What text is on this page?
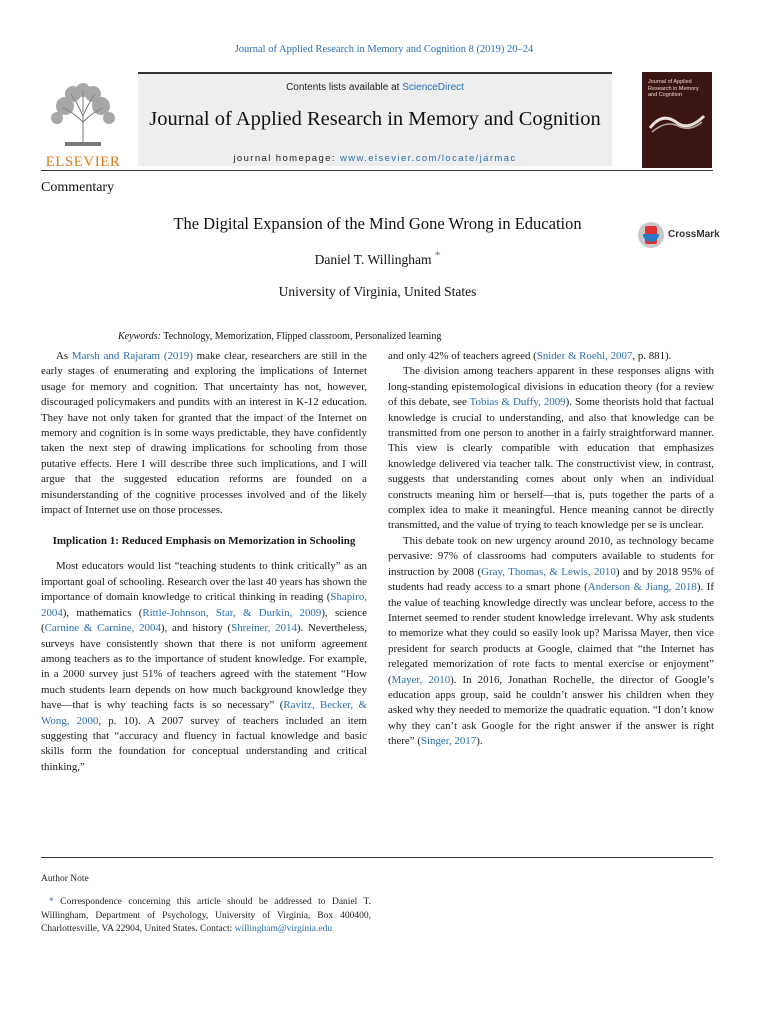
Journal of Applied Research in Memory and Cognition 8 (2019) 20–24
ELSEVIER
Contents lists available at ScienceDirect
Journal of Applied Research in Memory and Cognition
journal homepage: www.elsevier.com/locate/jarmac
Journal of Applied Research in Memory and Cognition
Commentary
The Digital Expansion of the Mind Gone Wrong in Education
CrossMark
Daniel T. Willingham *
University of Virginia, United States
Keywords: Technology, Memorization, Flipped classroom, Personalized learning

As Marsh and Rajaram (2019) make clear, researchers are still in the early stages of enumerating and exploring the implications of Internet usage for memory and cognition. That uncertainty has not, however, discouraged policymakers and pundits with an interest in K-12 education. They have not only taken for granted that the impact of the Internet on memory and cognition is in some ways predictable, they have confidently taken the next step of drawing implications for schooling from those putative effects. Here I will describe three such implications, and I will argue that the suggested education reforms are founded on a misunderstanding of the cognitive processes involved and of the likely impact of Internet use on those processes.

Implication 1: Reduced Emphasis on Memorization in Schooling

Most educators would list “teaching students to think critically” as an important goal of schooling. Research over the last 40 years has shown the importance of domain knowledge to critical thinking in reading (Shapiro, 2004), mathematics (Rittle-Johnson, Star, & Durkin, 2009), science (Carnine & Carnine, 2004), and history (Shreiner, 2014). Nevertheless, surveys have consistently shown that there is not uniform agreement among teachers as to the importance of student knowledge. For example, in a 2000 survey just 51% of teachers agreed with the statement “How much students learn depends on how much background knowledge they have—that is why teaching facts is so necessary” (Ravitz, Becker, & Wong, 2000, p. 10). A 2007 survey of teachers included an item suggesting that “accuracy and fluency in factual knowledge and basic skills form the foundation for conceptual understanding and critical thinking,”

and only 42% of teachers agreed (Snider & Roehl, 2007, p. 881).

The division among teachers apparent in these responses aligns with long-standing epistemological divisions in education theory (for a review of this debate, see Tobias & Duffy, 2009). Some theorists hold that factual knowledge is crucial to understanding, and also that knowledge can be transmitted from one person to another in a fairly straightforward manner. This view is clearly compatible with education that emphasizes knowledge delivered via teacher talk. The constructivist view, in contrast, suggests that understanding comes about only when an individual constructs meaning him or herself—that is, puts together the parts of a complex idea to make it meaningful. Hence meaning cannot be directly transmitted, and the value of trying to teach knowledge per se is unclear.

This debate took on new urgency around 2010, as technology became pervasive: 97% of classrooms had computers available to students for instruction by 2008 (Gray, Thomas, & Lewis, 2010) and by 2018 95% of students had ready access to a smart phone (Anderson & Jiang, 2018). If the value of teaching knowledge directly was unclear before, access to the Internet seemed to render student knowledge irrelevant. Why ask students to memorize what they could so easily look up? Marissa Mayer, then vice president for search products at Google, claimed that “the Internet has relegated memorization of rote facts to mental exercise or enjoyment” (Mayer, 2010). In 2016, Jonathan Rochelle, the director of Google’s education apps group, said he couldn’t answer his children when they asked why they needed to memorize the quadratic equation. “I don’t know why they can’t ask Google for the right answer if the answer is right there” (Singer, 2017).

Author Note
* Correspondence concerning this article should be addressed to Daniel T. Willingham, Department of Psychology, University of Virginia, Box 400400, Charlottesville, VA 22904, United States. Contact: willingham@virginia.edu
